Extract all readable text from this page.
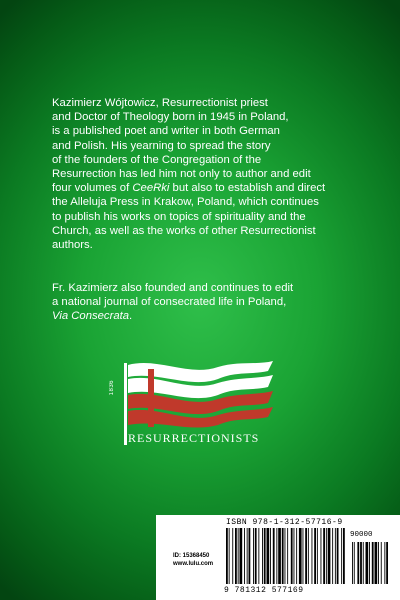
Kazimierz Wójtowicz, Resurrectionist priest
and Doctor of Theology born in 1945 in Poland,
is a published poet and writer in both German
and Polish. His yearning to spread the story
of the founders of the Congregation of the
Resurrection has led him not only to author and edit
four volumes of CeeRki but also to establish and direct
the Alleluja Press in Krakow, Poland, which continues
to publish his works on topics of spirituality and the
Church, as well as the works of other Resurrectionist
authors.

Fr. Kazimierz also founded and continues to edit
a national journal of consecrated life in Poland,
Via Consecrata.

1836
RESURRECTIONISTS
ISBN 978-1-312-57716-9
ID: 15368450
www.lulu.com
90000
9 781312 577169
